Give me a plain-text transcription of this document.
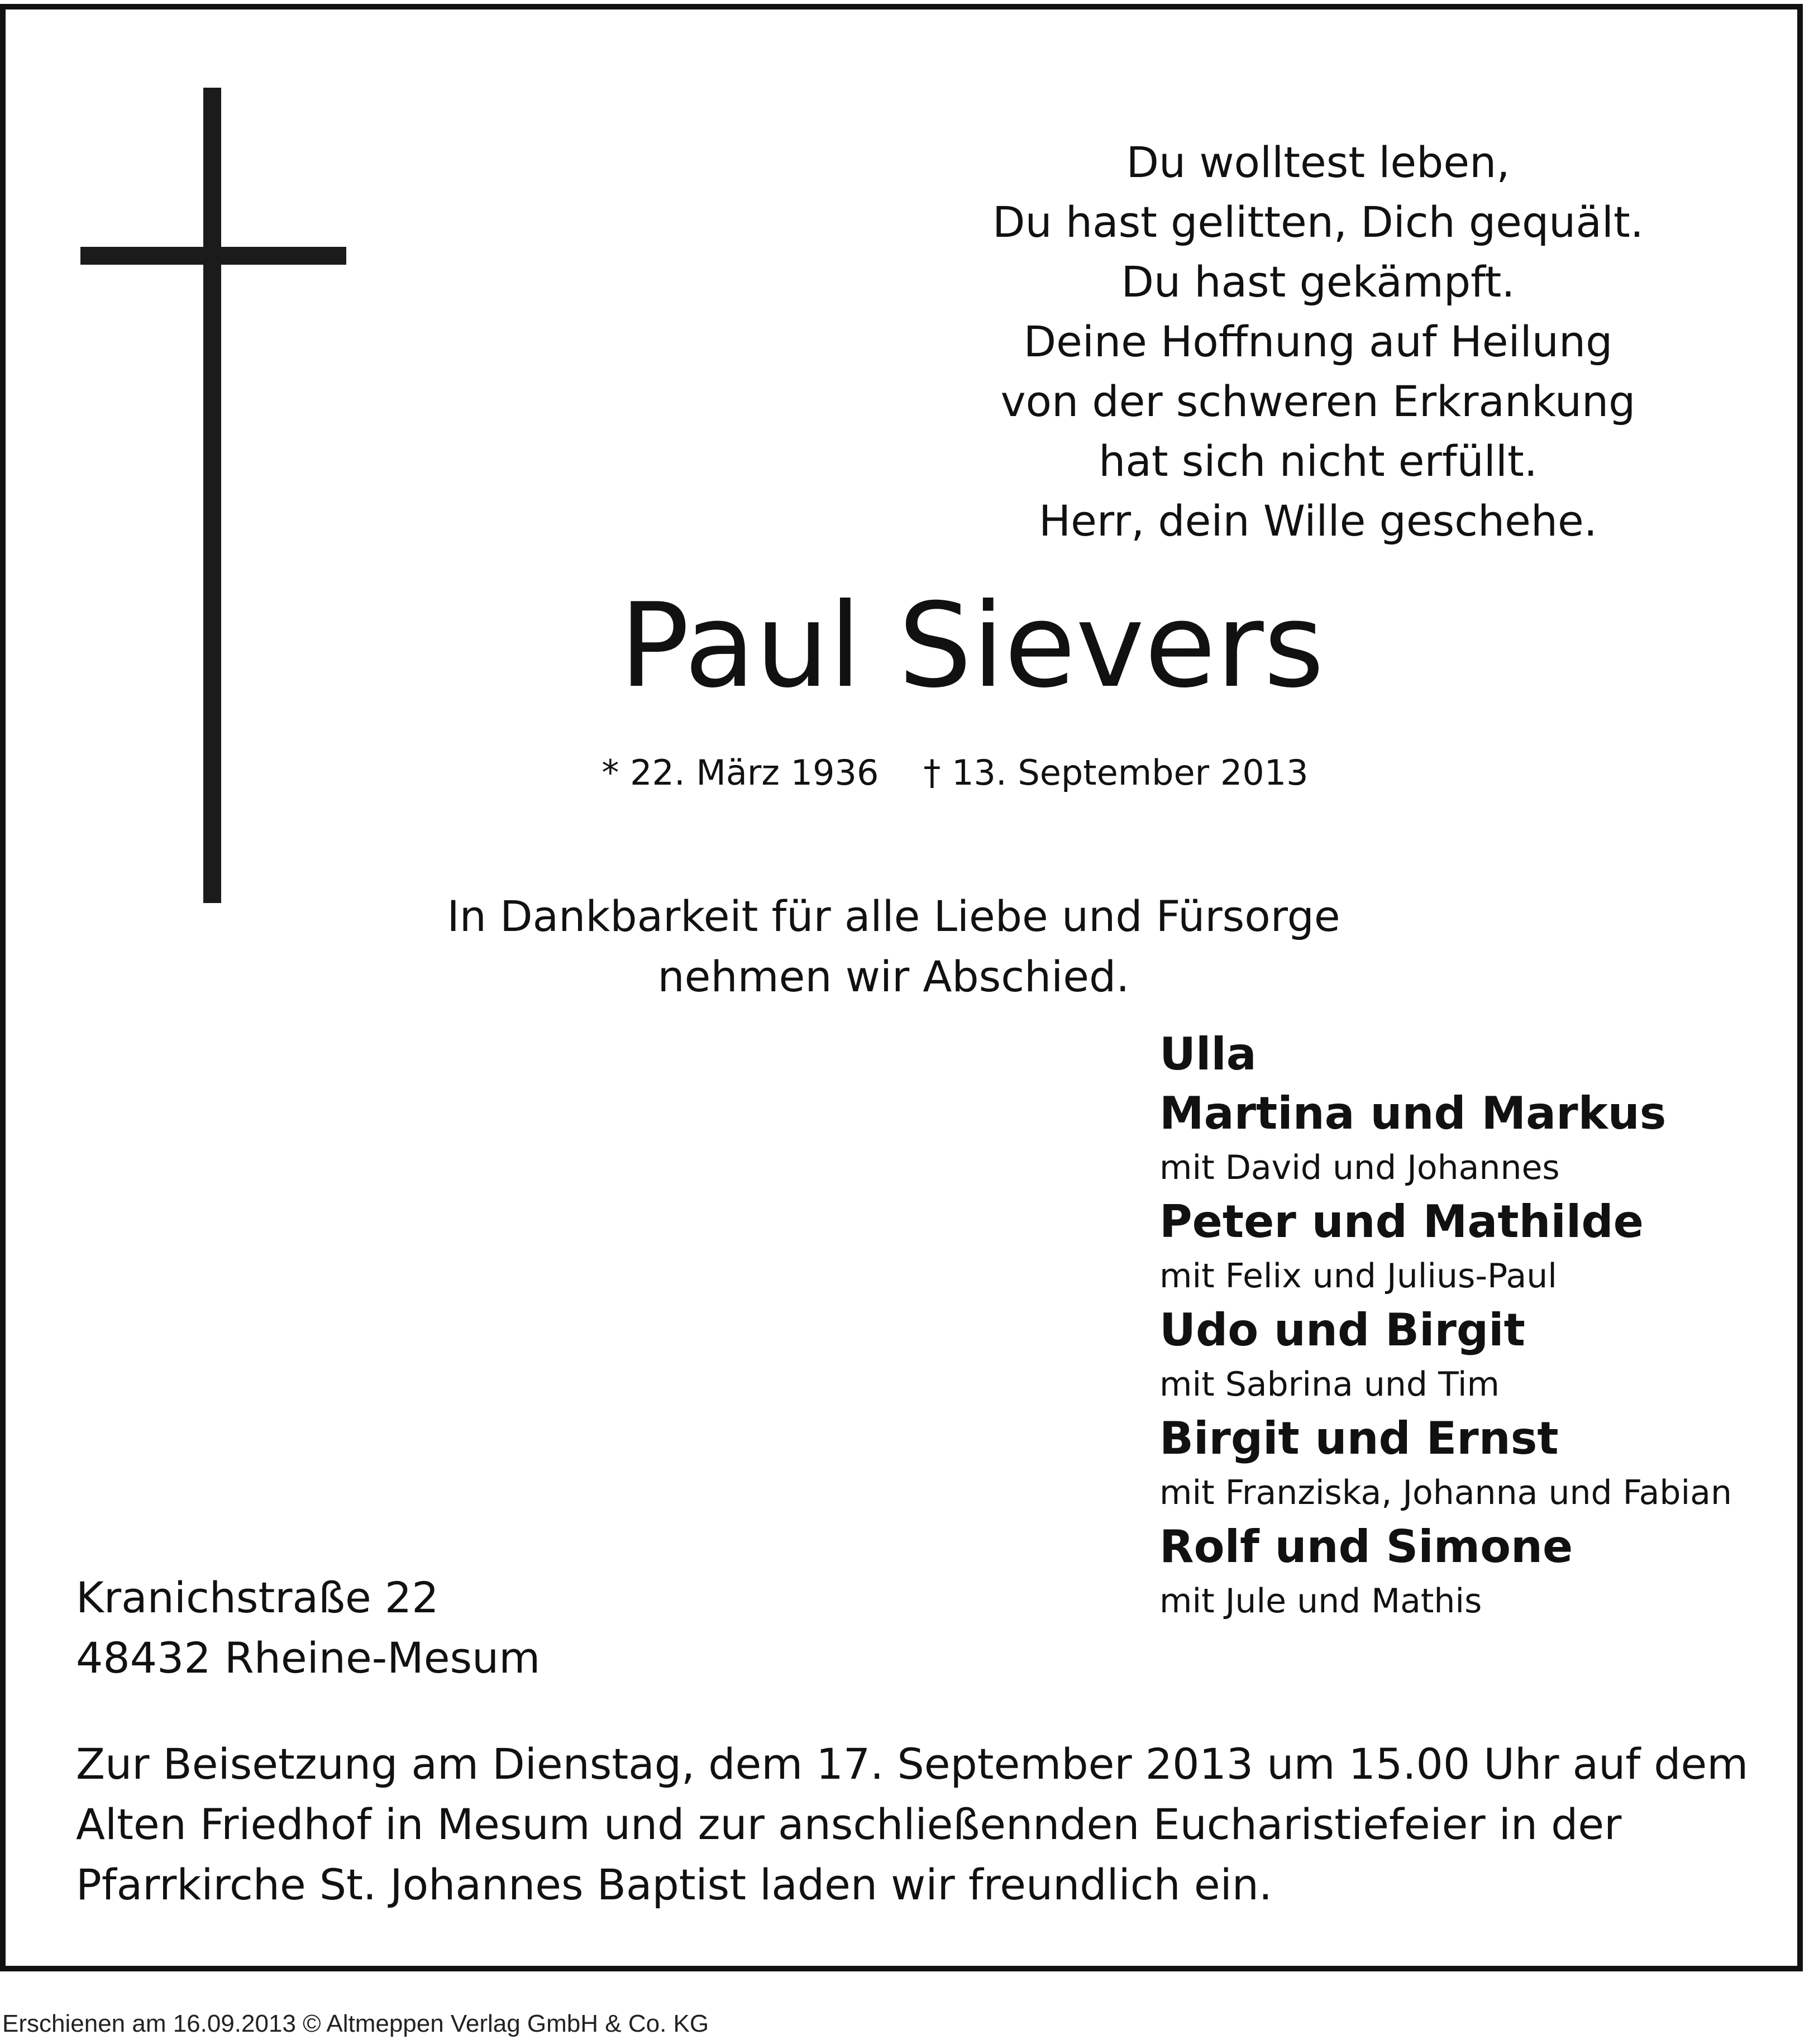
Du wolltest leben,
Du hast gelitten, Dich gequält.
Du hast gekämpft.
Deine Hoffnung auf Heilung
von der schweren Erkrankung
hat sich nicht erfüllt.
Herr, dein Wille geschehe.
Paul Sievers
* 22. März 1936 † 13. September 2013
In Dankbarkeit für alle Liebe und Fürsorge
nehmen wir Abschied.
Ulla
Martina und Markus
mit David und Johannes
Peter und Mathilde
mit Felix und Julius-Paul
Udo und Birgit
mit Sabrina und Tim
Birgit und Ernst
mit Franziska, Johanna und Fabian
Rolf und Simone
mit Jule und Mathis
Kranichstraße 22
48432 Rheine-Mesum
Zur Beisetzung am Dienstag, dem 17. September 2013 um 15.00 Uhr auf dem
Alten Friedhof in Mesum und zur anschließennden Eucharistiefeier in der
Pfarrkirche St. Johannes Baptist laden wir freundlich ein.
Erschienen am 16.09.2013 © Altmeppen Verlag GmbH & Co. KG
